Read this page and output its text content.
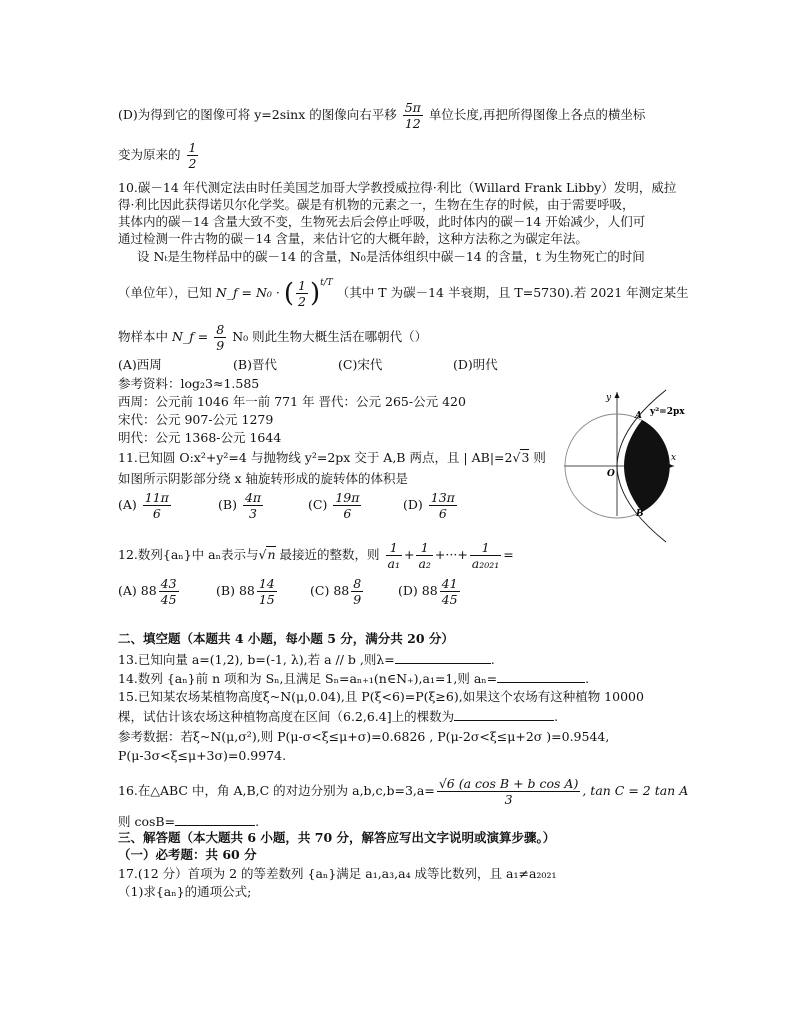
(D)为得到它的图像可将 y=2sinx 的图像向右平移 $\frac{5\pi}{12}$ 单位长度,再把所得图像上各点的横坐标
变为原来的 $\frac{1}{2}$
10.碳－14 年代测定法由时任美国芝加哥大学教授威拉得·利比（Willard Frank Libby）发明，威拉
得·利比因此获得诺贝尔化学奖。碳是有机物的元素之一，生物在生存的时候，由于需要呼吸，
其体内的碳－14 含量大致不变，生物死去后会停止呼吸，此时体内的碳－14 开始减少，人们可
通过检测一件古物的碳－14 含量，来估计它的大概年龄，这种方法称之为碳定年法。
设 Nₜ是生物样品中的碳－14 的含量，N₀是活体组织中碳－14 的含量，t 为生物死亡的时间
（单位年），已知 N_f = N₀ · ( $\frac{1}{2} )^{t/T}$ （其中 T 为碳－14 半衰期，且 T=5730).若 2021 年测定某生
物样本中 N_f = $\frac{8}{9} N_0$ 则此生物大概生活在哪朝代（）
(A)西周	(B)晋代	(C)宋代	(D)明代
参考资料：log₂3≈1.585
西周：公元前 1046 年一前 771 年 晋代：公元 265-公元 420
宋代：公元 907-公元 1279
明代：公元 1368-公元 1644
11.已知圆 O:x²+y²=4 与抛物线 y²=2px 交于 A,B 两点，且 | AB|=2√3 则
如图所示阴影部分绕 x 轴旋转形成的旋转体的体积是
$(A) \frac{11\pi}{6}$	$(B) \frac{4\pi}{3}$	$(C) \frac{19\pi}{6}$	$(D) \frac{13\pi}{6}$
12.数列{aₙ}中 aₙ表示与√n 最接近的整数，则 $\frac{1}{\text{a₁}} + \frac{1}{\text{a₂}}$ +···+ $\frac{1}{\text{a₂₀₂₁}}$ =
(A) $88 \frac{43}{45}$	(B) $88 \frac{14}{15}$	(C) $88 \frac{8}{9}$	(D) $88 \frac{41}{45}$
二、填空题（本题共 4 小题，每小题 5 分，满分共 20 分）
13.已知向量 a=(1,2), b=(-1, λ),若 a // b ,则λ=	.
14.数列 {aₙ}前 n 项和为 Sₙ,且满足 Sₙ=aₙ₊₁(n∈N₊),a₁=1,则 aₙ=	.
15.已知某农场某植物高度ξ~N(μ,0.04),且 P(ξ<6)=P(ξ≥6),如果这个农场有这种植物 10000
棵，试估计该农场这种植物高度在区间（6.2,6.4]上的棵数为	.
参考数据：若ξ~N(μ,σ²),则 P(μ-σ<ξ≤μ+σ)=0.6826 , P(μ-2σ<ξ≤μ+2σ )=0.9544,
P(μ-3σ<ξ≤μ+3σ)=0.9974.
16.在△ABC 中，角 A,B,C 的对边分别为 $a,b,c,b=3,a= \frac{\text{√6 (a cos B + b cos A)}}{3}$ , tan C = 2 tan A
则 cosB=	.
三、解答题（本大题共 6 小题，共 70 分，解答应写出文字说明或演算步骤。）
（一）必考题：共 60 分
17.(12 分）首项为 2 的等差数列 {aₙ}满足 a₁,a₃,a₄ 成等比数列，且 a₁≠a₂₀₂₁
（1)求{aₙ}的通项公式;
A
B
O
x
y
y²=2px
